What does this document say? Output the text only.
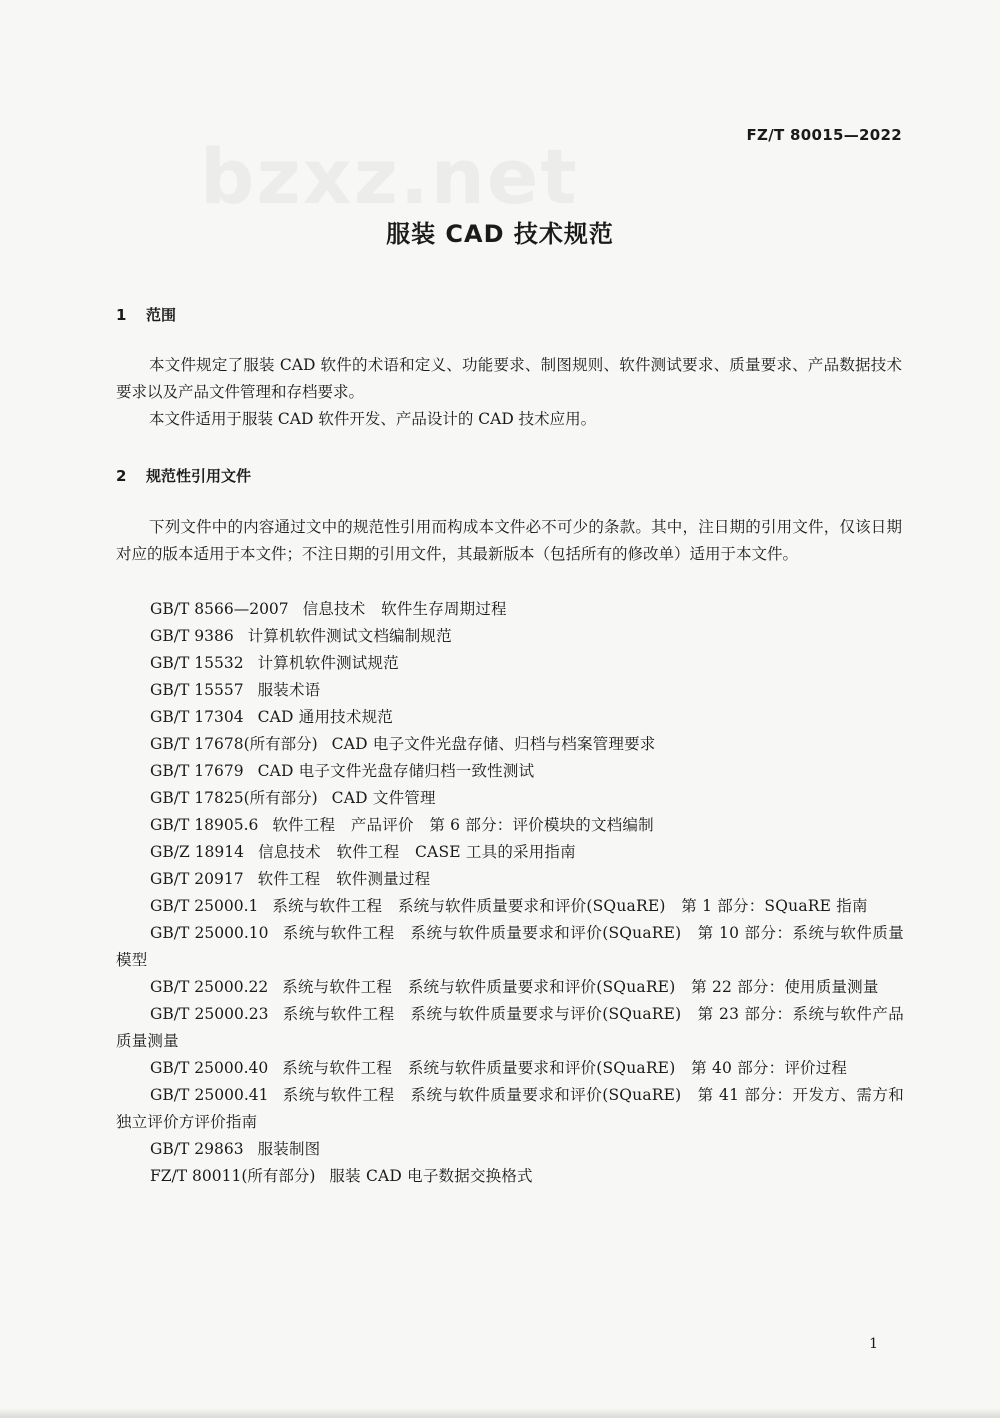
bzxz.net	FZ/T 80015—2022
服装 CAD 技术规范
1 范围
本文件规定了服装 CAD 软件的术语和定义、功能要求、制图规则、软件测试要求、质量要求、产品数据技术要求以及产品文件管理和存档要求。
本文件适用于服装 CAD 软件开发、产品设计的 CAD 技术应用。
2 规范性引用文件
下列文件中的内容通过文中的规范性引用而构成本文件必不可少的条款。其中，注日期的引用文件，仅该日期对应的版本适用于本文件；不注日期的引用文件，其最新版本（包括所有的修改单）适用于本文件。
GB/T 8566—2007 信息技术　软件生存周期过程
GB/T 9386 计算机软件测试文档编制规范
GB/T 15532 计算机软件测试规范
GB/T 15557 服装术语
GB/T 17304 CAD 通用技术规范
GB/T 17678(所有部分) CAD 电子文件光盘存储、归档与档案管理要求
GB/T 17679 CAD 电子文件光盘存储归档一致性测试
GB/T 17825(所有部分) CAD 文件管理
GB/T 18905.6 软件工程　产品评价　第 6 部分：评价模块的文档编制
GB/Z 18914 信息技术　软件工程　CASE 工具的采用指南
GB/T 20917 软件工程　软件测量过程
GB/T 25000.1 系统与软件工程　系统与软件质量要求和评价(SQuaRE)　第 1 部分：SQuaRE 指南
GB/T 25000.10 系统与软件工程　系统与软件质量要求和评价(SQuaRE)　第 10 部分：系统与软件质量模型
GB/T 25000.22 系统与软件工程　系统与软件质量要求和评价(SQuaRE)　第 22 部分：使用质量测量
GB/T 25000.23 系统与软件工程　系统与软件质量要求与评价(SQuaRE)　第 23 部分：系统与软件产品质量测量
GB/T 25000.40 系统与软件工程　系统与软件质量要求和评价(SQuaRE)　第 40 部分：评价过程
GB/T 25000.41 系统与软件工程　系统与软件质量要求和评价(SQuaRE)　第 41 部分：开发方、需方和独立评价方评价指南
GB/T 29863 服装制图
FZ/T 80011(所有部分) 服装 CAD 电子数据交换格式
1
